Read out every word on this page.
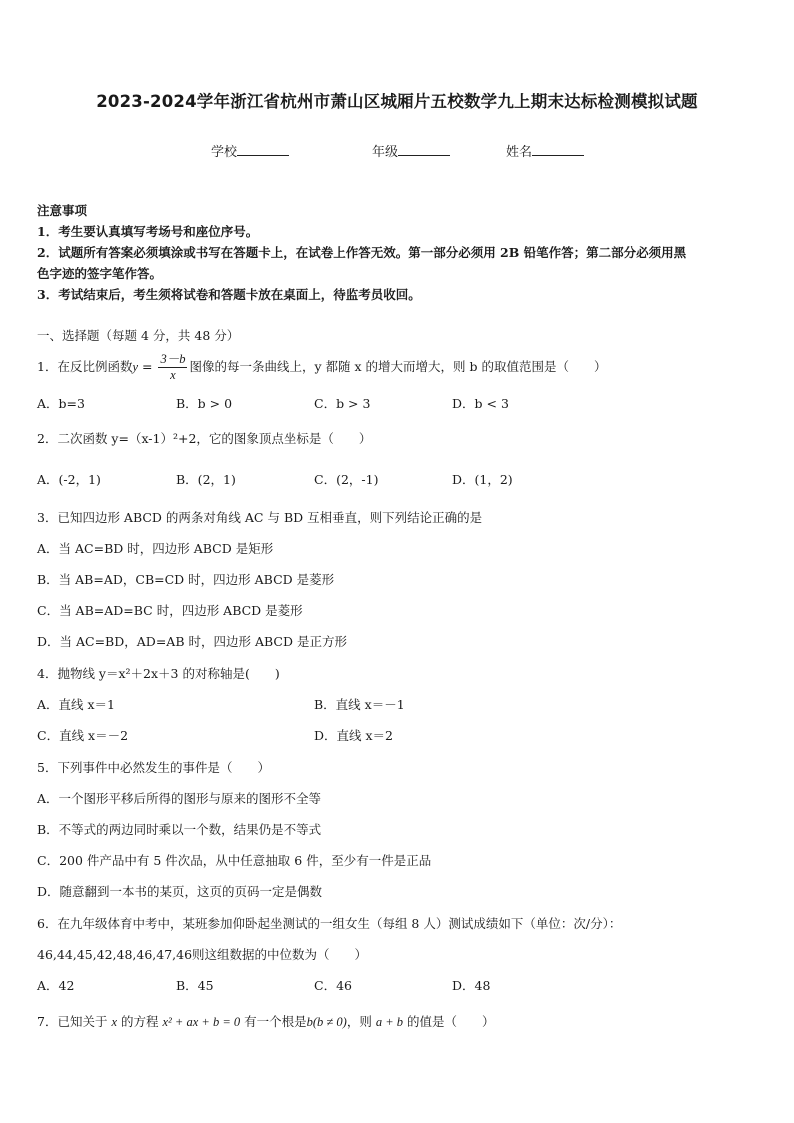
2023-2024学年浙江省杭州市萧山区城厢片五校数学九上期末达标检测模拟试题
学校	年级	姓名
注意事项
1．考生要认真填写考场号和座位序号。
2．试题所有答案必须填涂或书写在答题卡上，在试卷上作答无效。第一部分必须用 2B 铅笔作答；第二部分必须用黑
色字迹的签字笔作答。
3．考试结束后，考生须将试卷和答题卡放在桌面上，待监考员收回。
一、选择题（每题 4 分，共 48 分）
1．在反比例函数$y = \frac{3-b}{x}$ 图像的每一条曲线上，y 都随 x 的增大而增大，则 b 的取值范围是（　　）
A．b=3	B．b > 0	C．b > 3	D．b < 3
2．二次函数 y=（x-1）²+2，它的图象顶点坐标是（　　）
A．(-2，1)	B．(2，1)	C．(2，-1)	D．(1，2)
3．已知四边形 ABCD 的两条对角线 AC 与 BD 互相垂直，则下列结论正确的是
A．当 AC=BD 时，四边形 ABCD 是矩形
B．当 AB=AD，CB=CD 时，四边形 ABCD 是菱形
C．当 AB=AD=BC 时，四边形 ABCD 是菱形
D．当 AC=BD，AD=AB 时，四边形 ABCD 是正方形
4．抛物线 y＝x²＋2x＋3 的对称轴是(　　)
A．直线 x＝1	B．直线 x＝－1
C．直线 x＝－2	D．直线 x＝2
5．下列事件中必然发生的事件是（　　）
A．一个图形平移后所得的图形与原来的图形不全等
B．不等式的两边同时乘以一个数，结果仍是不等式
C．200 件产品中有 5 件次品，从中任意抽取 6 件，至少有一件是正品
D．随意翻到一本书的某页，这页的页码一定是偶数
6．在九年级体育中考中，某班参加仰卧起坐测试的一组女生（每组 8 人）测试成绩如下（单位：次/分）：
46,44,45,42,48,46,47,46则这组数据的中位数为（　　）
A．42	B．45	C．46	D．48
7．已知关于 x 的方程 x² + ax + b = 0 有一个根是b(b ≠ 0)，则 a + b 的值是（　　）
